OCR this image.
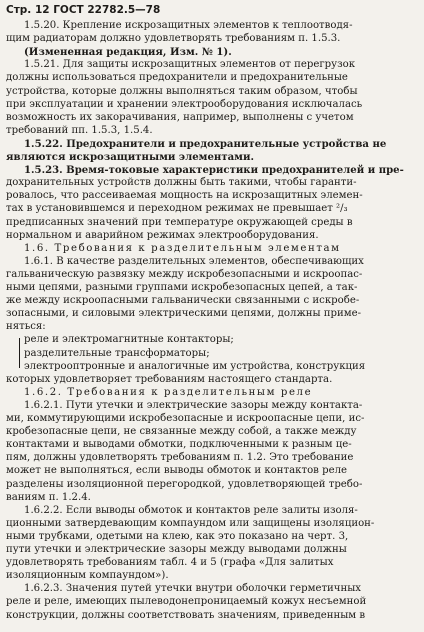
Стр. 12 ГОСТ 22782.5—78
1.5.20. Крепление искрозащитных элементов к теплоотводя-
щим радиаторам должно удовлетворять требованиям п. 1.5.3.
(Измененная редакция, Изм. № 1).
1.5.21. Для защиты искрозащитных элементов от перегрузок
должны использоваться предохранители и предохранительные
устройства, которые должны выполняться таким образом, чтобы
при эксплуатации и хранении электрооборудования исключалась
возможность их закорачивания, например, выполнены с учетом
требований пп. 1.5.3, 1.5.4.
1.5.22. Предохранители и предохранительные устройства не
являются искрозащитными элементами.
1.5.23. Время-токовые характеристики предохранителей и пре-
дохранительных устройств должны быть такими, чтобы гаранти-
ровалось, что рассеиваемая мощность на искрозащитных элемен-
тах в установившемся и переходном режимах не превышает ²/₃
предписанных значений при температуре окружающей среды в
нормальном и аварийном режимах электрооборудования.
1.6. Требования к разделительным элементам
1.6.1. В качестве разделительных элементов, обеспечивающих
гальваническую развязку между искробезопасными и искроопас-
ными цепями, разными группами искробезопасных цепей, а так-
же между искроопасными гальванически связанными с искробе-
зопасными, и силовыми электрическими цепями, должны приме-
няться:
реле и электромагнитные контакторы;
разделительные трансформаторы;
электрооптронные и аналогичные им устройства, конструкция
которых удовлетворяет требованиям настоящего стандарта.
1.6.2. Требования к разделительным реле
1.6.2.1. Пути утечки и электрические зазоры между контакта-
ми, коммутирующими искробезопасные и искроопасные цепи, ис-
кробезопасные цепи, не связанные между собой, а также между
контактами и выводами обмотки, подключенными к разным це-
пям, должны удовлетворять требованиям п. 1.2. Это требование
может не выполняться, если выводы обмоток и контактов реле
разделены изоляционной перегородкой, удовлетворяющей требо-
ваниям п. 1.2.4.
1.6.2.2. Если выводы обмоток и контактов реле залиты изоля-
ционными затвердевающим компаундом или защищены изоляцион-
ными трубками, одетыми на клею, как это показано на черт. 3,
пути утечки и электрические зазоры между выводами должны
удовлетворять требованиям табл. 4 и 5 (графа «Для залитых
изоляционным компаундом»).
1.6.2.3. Значения путей утечки внутри оболочки герметичных
реле и реле, имеющих пылеводонепроницаемый кожух несъемной
конструкции, должны соответствовать значениям, приведенным в
